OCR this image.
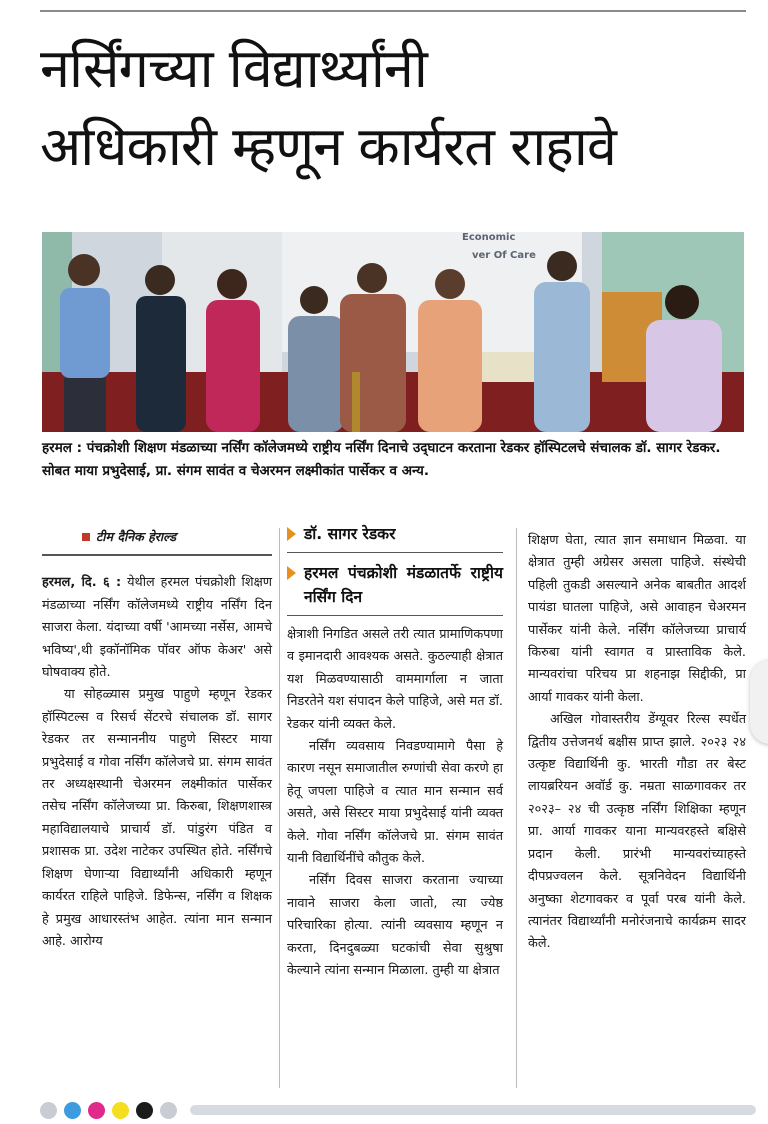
नर्सिंगच्या विद्यार्थ्यांनी
अधिकारी म्हणून कार्यरत राहावे
Economic
ver Of Care

हरमल : पंचक्रोशी शिक्षण मंडळाच्या नर्सिंग कॉलेजमध्ये राष्ट्रीय नर्सिंग दिनाचे उद्‌घाटन करताना रेडकर हॉस्पिटलचे संचालक डॉ. सागर रेडकर. सोबत माया प्रभुदेसाई, प्रा. संगम सावंत व चेअरमन लक्ष्मीकांत पार्सेकर व अन्य.

टीम दैनिक हेराल्ड

हरमल, दि. ६ : येथील हरमल पंचक्रोशी शिक्षण मंडळाच्या नर्सिंग कॉलेजमध्ये राष्ट्रीय नर्सिंग दिन साजरा केला. यंदाच्या वर्षी 'आमच्या नर्सेस, आमचे भविष्य',थी इकॉनॉमिक पॉवर ऑफ केअर' असे घोषवाक्य होते.

या सोहळ्यास प्रमुख पाहुणे म्हणून रेडकर हॉस्पिटल्स व रिसर्च सेंटरचे संचालक डॉ. सागर रेडकर तर सन्माननीय पाहुणे सिस्टर माया प्रभुदेसाई व गोवा नर्सिंग कॉलेजचे प्रा. संगम सावंत तर अध्यक्षस्थानी चेअरमन लक्ष्मीकांत पार्सेकर तसेच नर्सिंग कॉलेजच्या प्रा. किरुबा, शिक्षणशास्त्र महाविद्यालयाचे प्राचार्य डॉ. पांडुरंग पंडित व प्रशासक प्रा. उदेश नाटेकर उपस्थित होते. नर्सिंगचे शिक्षण घेणाऱ्या विद्यार्थ्यांनी अधिकारी म्हणून कार्यरत राहिले पाहिजे. डिफेन्स, नर्सिंग व शिक्षक हे प्रमुख आधारस्तंभ आहेत. त्यांना मान सन्मान आहे. आरोग्य

डॉ. सागर रेडकर
हरमल पंचक्रोशी मंडळातर्फे राष्ट्रीय नर्सिंग दिन

क्षेत्राशी निगडित असले तरी त्यात प्रामाणिकपणा व इमानदारी आवश्यक असते. कुठल्याही क्षेत्रात यश मिळवण्यासाठी वाममार्गाला न जाता निडरतेने यश संपादन केले पाहिजे, असे मत डॉ. रेडकर यांनी व्यक्त केले.

नर्सिंग व्यवसाय निवडण्यामागे पैसा हे कारण नसून समाजातील रुग्णांची सेवा करणे हा हेतू जपला पाहिजे व त्यात मान सन्मान सर्व असते, असे सिस्टर माया प्रभुदेसाई यांनी व्यक्त केले. गोवा नर्सिंग कॉलेजचे प्रा. संगम सावंत यानी विद्यार्थिनींचे कौतुक केले.

नर्सिंग दिवस साजरा करताना ज्याच्या नावाने साजरा केला जातो, त्या ज्येष्ठ परिचारिका होत्या. त्यांनी व्यवसाय म्हणून न करता, दिनदुबळ्या घटकांची सेवा सुश्रुषा केल्याने त्यांना सन्मान मिळाला. तुम्ही या क्षेत्रात

शिक्षण घेता, त्यात ज्ञान समाधान मिळवा. या क्षेत्रात तुम्ही अग्रेसर असला पाहिजे. संस्थेची पहिली तुकडी असल्याने अनेक बाबतीत आदर्श पायंडा घातला पाहिजे, असे आवाहन चेअरमन पार्सेकर यांनी केले. नर्सिंग कॉलेजच्या प्राचार्य किरुबा यांनी स्वागत व प्रास्ताविक केले. मान्यवरांचा परिचय प्रा शहनाझ सिद्दीकी, प्रा आर्या गावकर यांनी केला.

अखिल गोवास्तरीय डेंग्यूवर रिल्स स्पर्धेत द्वितीय उत्तेजनर्थ बक्षीस प्राप्त झाले. २०२३ २४ उत्कृष्ट विद्यार्थिनी कु. भारती गौडा तर बेस्ट लायब्ररियन अवॉर्ड कु. नम्रता साळगावकर तर २०२३– २४ ची उत्कृष्ठ नर्सिंग शिक्षिका म्हणून प्रा. आर्या गावकर याना मान्यवरहस्ते बक्षिसे प्रदान केली. प्रारंभी मान्यवरांच्याहस्ते दीपप्रज्वलन केले. सूत्रनिवेदन विद्यार्थिनी अनुष्का शेटगावकर व पूर्वा परब यांनी केले. त्यानंतर विद्यार्थ्यांनी मनोरंजनाचे कार्यक्रम सादर केले.
